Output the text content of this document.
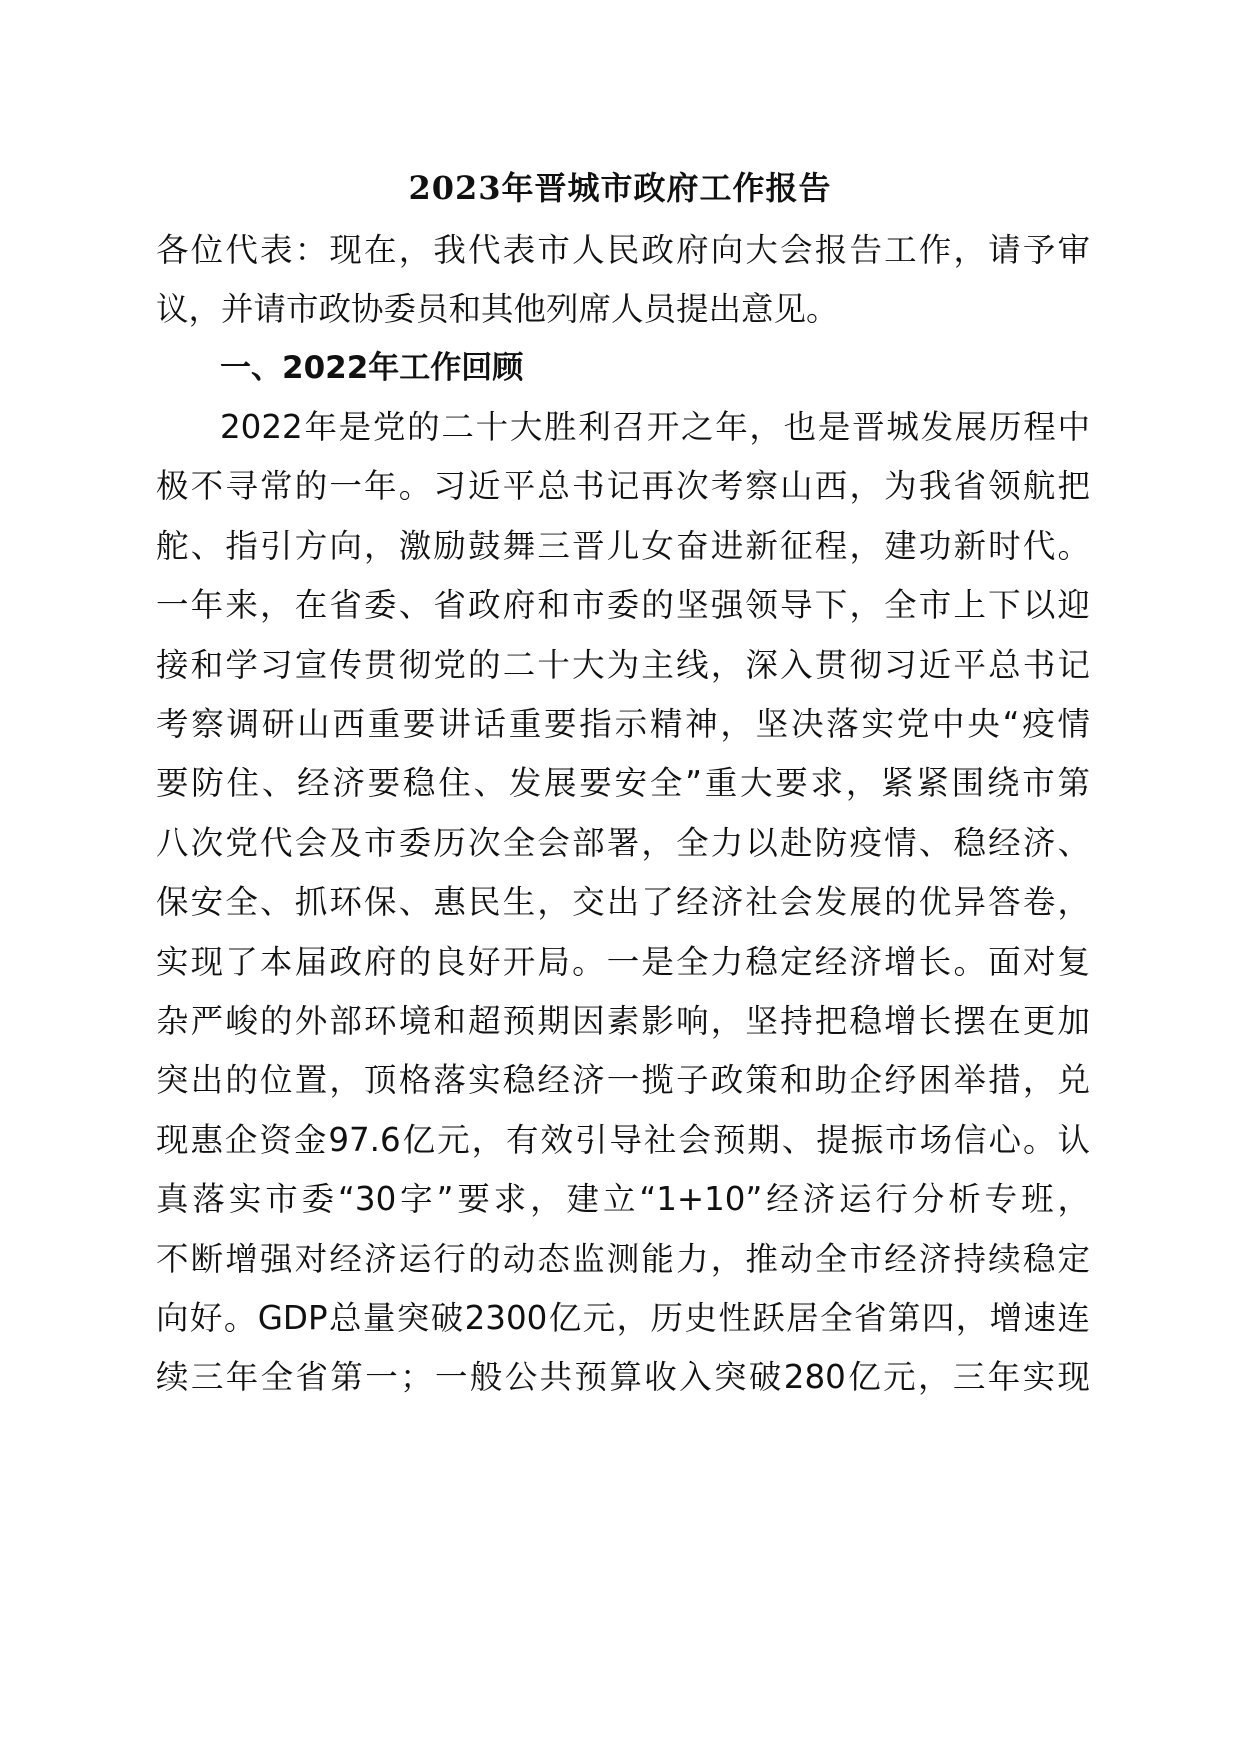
2023年晋城市政府工作报告
各位代表：现在，我代表市人民政府向大会报告工作，请予审
议，并请市政协委员和其他列席人员提出意见。
一、2022年工作回顾
2022年是党的二十大胜利召开之年，也是晋城发展历程中
极不寻常的一年。习近平总书记再次考察山西，为我省领航把
舵、指引方向，激励鼓舞三晋儿女奋进新征程，建功新时代。
一年来，在省委、省政府和市委的坚强领导下，全市上下以迎
接和学习宣传贯彻党的二十大为主线，深入贯彻习近平总书记
考察调研山西重要讲话重要指示精神，坚决落实党中央“疫情
要防住、经济要稳住、发展要安全”重大要求，紧紧围绕市第
八次党代会及市委历次全会部署，全力以赴防疫情、稳经济、
保安全、抓环保、惠民生，交出了经济社会发展的优异答卷，
实现了本届政府的良好开局。一是全力稳定经济增长。面对复
杂严峻的外部环境和超预期因素影响，坚持把稳增长摆在更加
突出的位置，顶格落实稳经济一揽子政策和助企纾困举措，兑
现惠企资金97.6亿元，有效引导社会预期、提振市场信心。认
真落实市委“30字”要求，建立“1+10”经济运行分析专班，
不断增强对经济运行的动态监测能力，推动全市经济持续稳定
向好。GDP总量突破2300亿元，历史性跃居全省第四，增速连
续三年全省第一；一般公共预算收入突破280亿元，三年实现
